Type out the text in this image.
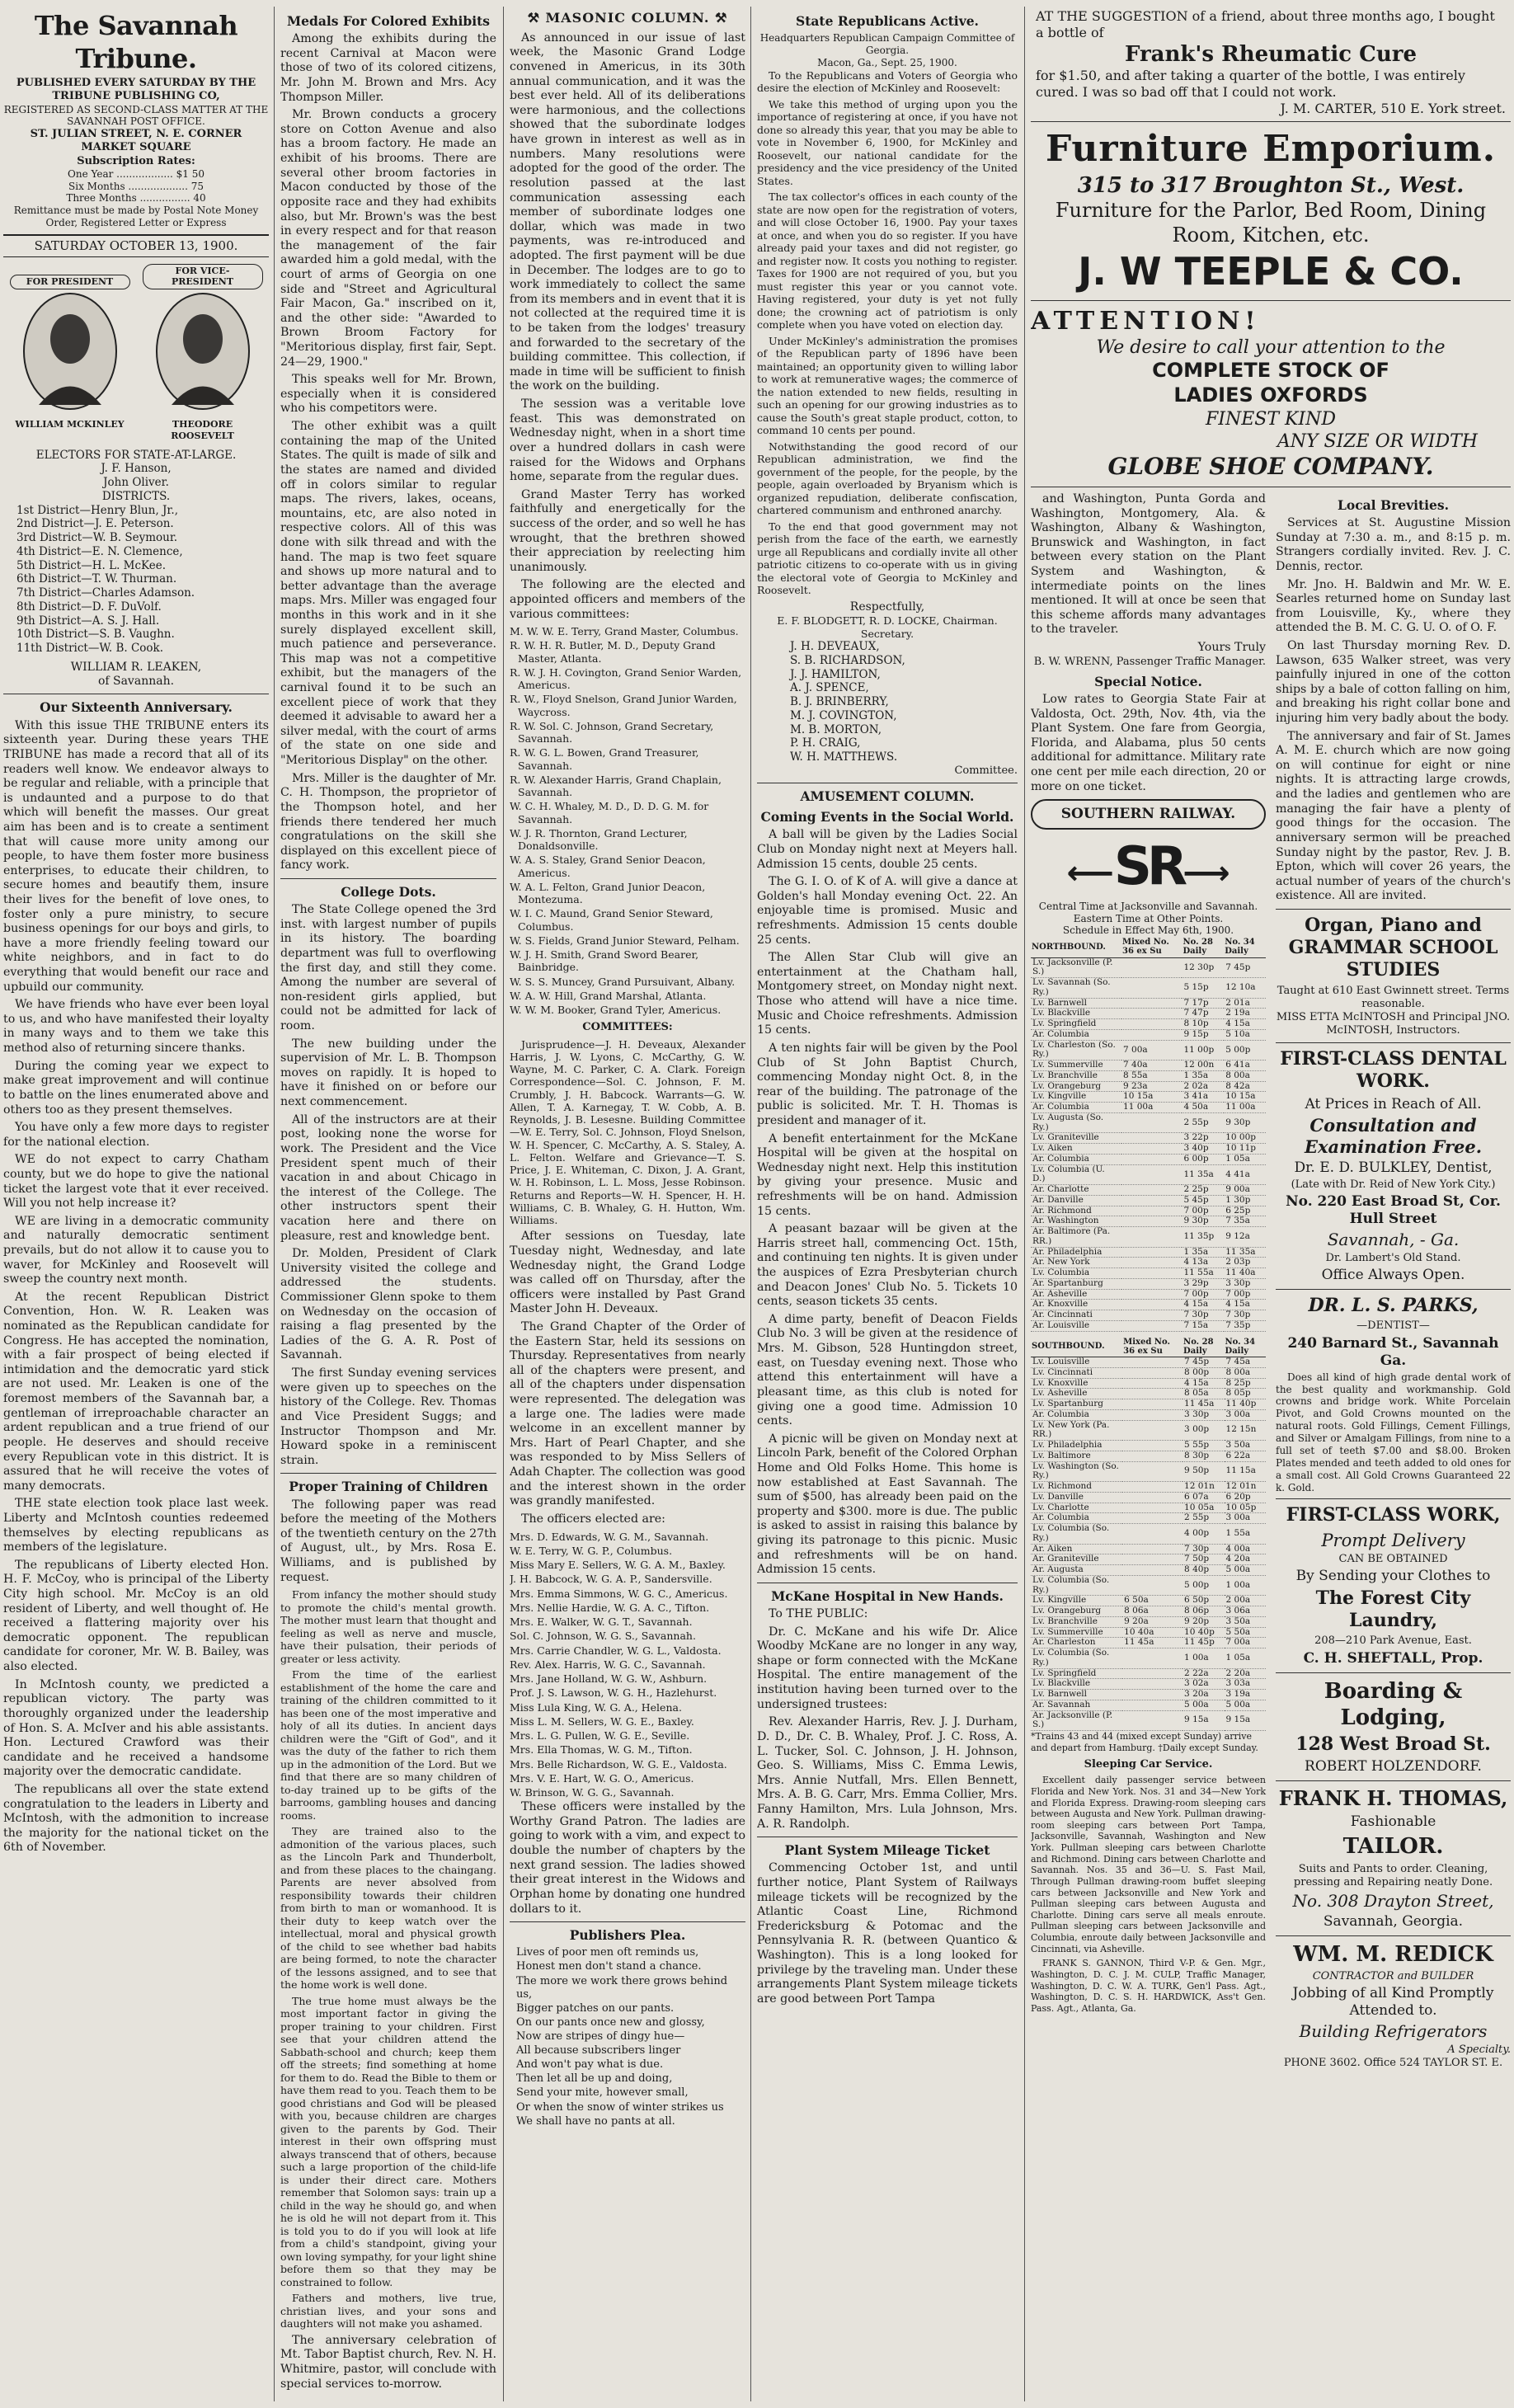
The Savannah Tribune.
PUBLISHED EVERY SATURDAY BY THE TRIBUNE PUBLISHING CO,
REGISTERED AS SECOND-CLASS MATTER AT THE SAVANNAH POST OFFICE.
ST. JULIAN STREET, N. E. CORNER MARKET SQUARE
Subscription Rates:
One Year .................. $1 50
Six Months ................... 75
Three Months ................ 40
Remittance must be made by Postal Note Money Order, Registered Letter or Express
SATURDAY OCTOBER 13, 1900.
FOR PRESIDENT
WILLIAM MCKINLEY
FOR VICE-PRESIDENT
THEODORE ROOSEVELT
ELECTORS FOR STATE-AT-LARGE.
J. F. Hanson,
John Oliver.
DISTRICTS.
1st District—Henry Blun, Jr.,
2nd District—J. E. Peterson.
3rd District—W. B. Seymour.
4th District—E. N. Clemence,
5th District—H. L. McKee.
6th District—T. W. Thurman.
7th District—Charles Adamson.
8th District—D. F. DuVolf.
9th District—A. S. J. Hall.
10th District—S. B. Vaughn.
11th District—W. B. Cook.
WILLIAM R. LEAKEN,
of Savannah.
Our Sixteenth Anniversary.

With this issue THE TRIBUNE enters its sixteenth year. During these years THE TRIBUNE has made a record that all of its readers well know. We endeavor always to be regular and reliable, with a principle that is undaunted and a purpose to do that which will benefit the masses. Our great aim has been and is to create a sentiment that will cause more unity among our people, to have them foster more business enterprises, to educate their children, to secure homes and beautify them, insure their lives for the benefit of love ones, to foster only a pure ministry, to secure business openings for our boys and girls, to have a more friendly feeling toward our white neighbors, and in fact to do everything that would benefit our race and upbuild our community.

We have friends who have ever been loyal to us, and who have manifested their loyalty in many ways and to them we take this method also of returning sincere thanks.

During the coming year we expect to make great improvement and will continue to battle on the lines enumerated above and others too as they present themselves.

You have only a few more days to register for the national election.

WE do not expect to carry Chatham county, but we do hope to give the national ticket the largest vote that it ever received. Will you not help increase it?

WE are living in a democratic community and naturally democratic sentiment prevails, but do not allow it to cause you to waver, for McKinley and Roosevelt will sweep the country next month.

At the recent Republican District Convention, Hon. W. R. Leaken was nominated as the Republican candidate for Congress. He has accepted the nomination, with a fair prospect of being elected if intimidation and the democratic yard stick are not used. Mr. Leaken is one of the foremost members of the Savannah bar, a gentleman of irreproachable character an ardent republican and a true friend of our people. He deserves and should receive every Republican vote in this district. It is assured that he will receive the votes of many democrats.

THE state election took place last week. Liberty and McIntosh counties redeemed themselves by electing republicans as members of the legislature.

The republicans of Liberty elected Hon. H. F. McCoy, who is principal of the Liberty City high school. Mr. McCoy is an old resident of Liberty, and well thought of. He received a flattering majority over his democratic opponent. The republican candidate for coroner, Mr. W. B. Bailey, was also elected.

In McIntosh county, we predicted a republican victory. The party was thoroughly organized under the leadership of Hon. S. A. McIver and his able assistants. Hon. Lectured Crawford was their candidate and he received a handsome majority over the democratic candidate.

The republicans all over the state extend congratulation to the leaders in Liberty and McIntosh, with the admonition to increase the majority for the national ticket on the 6th of November.

Medals For Colored Exhibits

Among the exhibits during the recent Carnival at Macon were those of two of its colored citizens, Mr. John M. Brown and Mrs. Acy Thompson Miller.

Mr. Brown conducts a grocery store on Cotton Avenue and also has a broom factory. He made an exhibit of his brooms. There are several other broom factories in Macon conducted by those of the opposite race and they had exhibits also, but Mr. Brown's was the best in every respect and for that reason the management of the fair awarded him a gold medal, with the court of arms of Georgia on one side and "Street and Agricultural Fair Macon, Ga." inscribed on it, and the other side: "Awarded to Brown Broom Factory for "Meritorious display, first fair, Sept. 24—29, 1900."

This speaks well for Mr. Brown, especially when it is considered who his competitors were.

The other exhibit was a quilt containing the map of the United States. The quilt is made of silk and the states are named and divided off in colors similar to regular maps. The rivers, lakes, oceans, mountains, etc, are also noted in respective colors. All of this was done with silk thread and with the hand. The map is two feet square and shows up more natural and to better advantage than the average maps. Mrs. Miller was engaged four months in this work and in it she surely displayed excellent skill, much patience and perseverance. This map was not a competitive exhibit, but the managers of the carnival found it to be such an excellent piece of work that they deemed it advisable to award her a silver medal, with the court of arms of the state on one side and "Meritorious Display" on the other.

Mrs. Miller is the daughter of Mr. C. H. Thompson, the proprietor of the Thompson hotel, and her friends there tendered her much congratulations on the skill she displayed on this excellent piece of fancy work.

College Dots.

The State College opened the 3rd inst. with largest number of pupils in its history. The boarding department was full to overflowing the first day, and still they come. Among the number are several of non-resident girls applied, but could not be admitted for lack of room.

The new building under the supervision of Mr. L. B. Thompson moves on rapidly. It is hoped to have it finished on or before our next commencement.

All of the instructors are at their post, looking none the worse for work. The President and the Vice President spent much of their vacation in and about Chicago in the interest of the College. The other instructors spent their vacation here and there on pleasure, rest and knowledge bent.

Dr. Molden, President of Clark University visited the college and addressed the students. Commissioner Glenn spoke to them on Wednesday on the occasion of raising a flag presented by the Ladies of the G. A. R. Post of Savannah.

The first Sunday evening services were given up to speeches on the history of the College. Rev. Thomas and Vice President Suggs; and Instructor Thompson and Mr. Howard spoke in a reminiscent strain.

Proper Training of Children

The following paper was read before the meeting of the Mothers of the twentieth century on the 27th of August, ult., by Mrs. Rosa E. Williams, and is published by request.

From infancy the mother should study to promote the child's mental growth. The mother must learn that thought and feeling as well as nerve and muscle, have their pulsation, their periods of greater or less activity.

From the time of the earliest establishment of the home the care and training of the children committed to it has been one of the most imperative and holy of all its duties. In ancient days children were the "Gift of God", and it was the duty of the father to rich them up in the admonition of the Lord. But we find that there are so many children of to-day trained up to be gifts of the barrooms, gambling houses and dancing rooms.

They are trained also to the admonition of the various places, such as the Lincoln Park and Thunderbolt, and from these places to the chaingang. Parents are never absolved from responsibility towards their children from birth to man or womanhood. It is their duty to keep watch over the intellectual, moral and physical growth of the child to see whether bad habits are being formed, to note the character of the lessons assigned, and to see that the home work is well done.

The true home must always be the most important factor in giving the proper training to your children. First see that your children attend the Sabbath-school and church; keep them off the streets; find something at home for them to do. Read the Bible to them or have them read to you. Teach them to be good christians and God will be pleased with you, because children are charges given to the parents by God. Their interest in their own offspring must always transcend that of others, because such a large proportion of the child-life is under their direct care. Mothers remember that Solomon says: train up a child in the way he should go, and when he is old he will not depart from it. This is told you to do if you will look at life from a child's standpoint, giving your own loving sympathy, for your light shine before them so that they may be constrained to follow.

Fathers and mothers, live true, christian lives, and your sons and daughters will not make you ashamed.

The anniversary celebration of Mt. Tabor Baptist church, Rev. N. H. Whitmire, pastor, will conclude with special services to-morrow.

⚒ MASONIC COLUMN. ⚒

As announced in our issue of last week, the Masonic Grand Lodge convened in Americus, in its 30th annual communication, and it was the best ever held. All of its deliberations were harmonious, and the collections showed that the subordinate lodges have grown in interest as well as in numbers. Many resolutions were adopted for the good of the order. The resolution passed at the last communication assessing each member of subordinate lodges one dollar, which was made in two payments, was re-introduced and adopted. The first payment will be due in December. The lodges are to go to work immediately to collect the same from its members and in event that it is not collected at the required time it is to be taken from the lodges' treasury and forwarded to the secretary of the building committee. This collection, if made in time will be sufficient to finish the work on the building.

The session was a veritable love feast. This was demonstrated on Wednesday night, when in a short time over a hundred dollars in cash were raised for the Widows and Orphans home, separate from the regular dues.

Grand Master Terry has worked faithfully and energetically for the success of the order, and so well he has wrought, that the brethren showed their appreciation by reelecting him unanimously.

The following are the elected and appointed officers and members of the various committees:

M. W. W. E. Terry, Grand Master, Columbus.
R. W. H. R. Butler, M. D., Deputy Grand Master, Atlanta.
R. W. J. H. Covington, Grand Senior Warden, Americus.
R. W., Floyd Snelson, Grand Junior Warden, Waycross.
R. W. Sol. C. Johnson, Grand Secretary, Savannah.
R. W. G. L. Bowen, Grand Treasurer, Savannah.
R. W. Alexander Harris, Grand Chaplain, Savannah.
W. C. H. Whaley, M. D., D. D. G. M. for Savannah.
W. J. R. Thornton, Grand Lecturer, Donaldsonville.
W. A. S. Staley, Grand Senior Deacon, Americus.
W. A. L. Felton, Grand Junior Deacon, Montezuma.
W. I. C. Maund, Grand Senior Steward, Columbus.
W. S. Fields, Grand Junior Steward, Pelham.
W. J. H. Smith, Grand Sword Bearer, Bainbridge.
W. S. S. Muncey, Grand Pursuivant, Albany.
W. A. W. Hill, Grand Marshal, Atlanta.
W. W. M. Booker, Grand Tyler, Americus.
COMMITTEES:

Jurisprudence—J. H. Deveaux, Alexander Harris, J. W. Lyons, C. McCarthy, G. W. Wayne, M. C. Parker, C. A. Clark. Foreign Correspondence—Sol. C. Johnson, F. M. Crumbly, J. H. Babcock. Warrants—G. W. Allen, T. A. Karnegay, T. W. Cobb, A. B. Reynolds, J. B. Lesesne. Building Committee—W. E. Terry, Sol. C. Johnson, Floyd Snelson, W. H. Spencer, C. McCarthy, A. S. Staley, A. L. Felton. Welfare and Grievance—T. S. Price, J. E. Whiteman, C. Dixon, J. A. Grant, W. H. Robinson, L. L. Moss, Jesse Robinson. Returns and Reports—W. H. Spencer, H. H. Williams, C. B. Whaley, G. H. Hutton, Wm. Williams.

After sessions on Tuesday, late Tuesday night, Wednesday, and late Wednesday night, the Grand Lodge was called off on Thursday, after the officers were installed by Past Grand Master John H. Deveaux.

The Grand Chapter of the Order of the Eastern Star, held its sessions on Thursday. Representatives from nearly all of the chapters were present, and all of the chapters under dispensation were represented. The delegation was a large one. The ladies were made welcome in an excellent manner by Mrs. Hart of Pearl Chapter, and she was responded to by Miss Sellers of Adah Chapter. The collection was good and the interest shown in the order was grandly manifested.

The officers elected are:

Mrs. D. Edwards, W. G. M., Savannah.
W. E. Terry, W. G. P., Columbus.
Miss Mary E. Sellers, W. G. A. M., Baxley.
J. H. Babcock, W. G. A. P., Sandersville.
Mrs. Emma Simmons, W. G. C., Americus.
Mrs. Nellie Hardie, W. G. A. C., Tifton.
Mrs. E. Walker, W. G. T., Savannah.
Sol. C. Johnson, W. G. S., Savannah.
Mrs. Carrie Chandler, W. G. L., Valdosta.
Rev. Alex. Harris, W. G. C., Savannah.
Mrs. Jane Holland, W. G. W., Ashburn.
Prof. J. S. Lawson, W. G. H., Hazlehurst.
Miss Lula King, W. G. A., Helena.
Miss L. M. Sellers, W. G. E., Baxley.
Mrs. L. G. Pullen, W. G. E., Seville.
Mrs. Ella Thomas, W. G. M., Tifton.
Mrs. Belle Richardson, W. G. E., Valdosta.
Mrs. V. E. Hart, W. G. O., Americus.
W. Brinson, W. G. G., Savannah.

These officers were installed by the Worthy Grand Patron. The ladies are going to work with a vim, and expect to double the number of chapters by the next grand session. The ladies showed their great interest in the Widows and Orphan home by donating one hundred dollars to it.

Publishers Plea.
Lives of poor men oft reminds us,
Honest men don't stand a chance.
The more we work there grows behind us,
Bigger patches on our pants.
On our pants once new and glossy,
Now are stripes of dingy hue—
All because subscribers linger
And won't pay what is due.
Then let all be up and doing,
Send your mite, however small,
Or when the snow of winter strikes us
We shall have no pants at all.
State Republicans Active.
Headquarters Republican Campaign Committee of Georgia.
Macon, Ga., Sept. 25, 1900.

To the Republicans and Voters of Georgia who desire the election of McKinley and Roosevelt:

We take this method of urging upon you the importance of registering at once, if you have not done so already this year, that you may be able to vote in November 6, 1900, for McKinley and Roosevelt, our national candidate for the presidency and the vice presidency of the United States.

The tax collector's offices in each county of the state are now open for the registration of voters, and will close October 16, 1900. Pay your taxes at once, and when you do so register. If you have already paid your taxes and did not register, go and register now. It costs you nothing to register. Taxes for 1900 are not required of you, but you must register this year or you cannot vote. Having registered, your duty is yet not fully done; the crowning act of patriotism is only complete when you have voted on election day.

Under McKinley's administration the promises of the Republican party of 1896 have been maintained; an opportunity given to willing labor to work at remunerative wages; the commerce of the nation extended to new fields, resulting in such an opening for our growing industries as to cause the South's great staple product, cotton, to command 10 cents per pound.

Notwithstanding the good record of our Republican administration, we find the government of the people, for the people, by the people, again overloaded by Bryanism which is organized repudiation, deliberate confiscation, chartered communism and enthroned anarchy.

To the end that good government may not perish from the face of the earth, we earnestly urge all Republicans and cordially invite all other patriotic citizens to co-operate with us in giving the electoral vote of Georgia to McKinley and Roosevelt.

Respectfully,
E. F. BLODGETT, R. D. LOCKE, Chairman. Secretary.
J. H. DEVEAUX,
S. B. RICHARDSON,
J. J. HAMILTON,
A. J. SPENCE,
B. J. BRINBERRY,
M. J. COVINGTON,
M. B. MORTON,
P. H. CRAIG,
W. H. MATTHEWS.
Committee.
AMUSEMENT COLUMN.
Coming Events in the Social World.

A ball will be given by the Ladies Social Club on Monday night next at Meyers hall. Admission 15 cents, double 25 cents.

The G. I. O. of K of A. will give a dance at Golden's hall Monday evening Oct. 22. An enjoyable time is promised. Music and refreshments. Admission 15 cents double 25 cents.

The Allen Star Club will give an entertainment at the Chatham hall, Montgomery street, on Monday night next. Those who attend will have a nice time. Music and Choice refreshments. Admission 15 cents.

A ten nights fair will be given by the Pool Club of St John Baptist Church, commencing Monday night Oct. 8, in the rear of the building. The patronage of the public is solicited. Mr. T. H. Thomas is president and manager of it.

A benefit entertainment for the McKane Hospital will be given at the hospital on Wednesday night next. Help this institution by giving your presence. Music and refreshments will be on hand. Admission 15 cents.

A peasant bazaar will be given at the Harris street hall, commencing Oct. 15th, and continuing ten nights. It is given under the auspices of Ezra Presbyterian church and Deacon Jones' Club No. 5. Tickets 10 cents, season tickets 35 cents.

A dime party, benefit of Deacon Fields Club No. 3 will be given at the residence of Mrs. M. Gibson, 528 Huntingdon street, east, on Tuesday evening next. Those who attend this entertainment will have a pleasant time, as this club is noted for giving one a good time. Admission 10 cents.

A picnic will be given on Monday next at Lincoln Park, benefit of the Colored Orphan Home and Old Folks Home. This home is now established at East Savannah. The sum of $500, has already been paid on the property and $300. more is due. The public is asked to assist in raising this balance by giving its patronage to this picnic. Music and refreshments will be on hand. Admission 15 cents.

McKane Hospital in New Hands.

To THE PUBLIC:

Dr. C. McKane and his wife Dr. Alice Woodby McKane are no longer in any way, shape or form connected with the McKane Hospital. The entire management of the institution having been turned over to the undersigned trustees:

Rev. Alexander Harris, Rev. J. J. Durham, D. D., Dr. C. B. Whaley, Prof. J. C. Ross, A. L. Tucker, Sol. C. Johnson, J. H. Johnson, Geo. S. Williams, Miss C. Emma Lewis, Mrs. Annie Nutfall, Mrs. Ellen Bennett, Mrs. A. B. G. Carr, Mrs. Emma Collier, Mrs. Fanny Hamilton, Mrs. Lula Johnson, Mrs. A. R. Randolph.

Plant System Mileage Ticket

Commencing October 1st, and until further notice, Plant System of Railways mileage tickets will be recognized by the Atlantic Coast Line, Richmond Fredericksburg & Potomac and the Pennsylvania R. R. (between Quantico & Washington). This is a long looked for privilege by the traveling man. Under these arrangements Plant System mileage tickets are good between Port Tampa

AT THE SUGGESTION of a friend, about three months ago, I bought a bottle of
Frank's Rheumatic Cure
for $1.50, and after taking a quarter of the bottle, I was entirely cured. I was so bad off that I could not work.
J. M. CARTER, 510 E. York street.
Furniture Emporium.
315 to 317 Broughton St., West.
Furniture for the Parlor, Bed Room, Dining Room, Kitchen, etc.
J. W TEEPLE & CO.
ATTENTION!
We desire to call your attention to the
COMPLETE STOCK OF
LADIES OXFORDS
FINEST KIND
ANY SIZE OR WIDTH
GLOBE SHOE COMPANY.

and Washington, Punta Gorda and Washington, Montgomery, Ala. & Washington, Albany & Washington, Brunswick and Washington, in fact between every station on the Plant System and Washington, & intermediate points on the lines mentioned. It will at once be seen that this scheme affords many advantages to the traveler.

Yours Truly
B. W. WRENN, Passenger Traffic Manager.
Special Notice.

Low rates to Georgia State Fair at Valdosta, Oct. 29th, Nov. 4th, via the Plant System. One fare from Georgia, Florida, and Alabama, plus 50 cents additional for admittance. Military rate one cent per mile each direction, 20 or more on one ticket.

SOUTHERN RAILWAY.
⟵SR⟶
Central Time at Jacksonville and Savannah. Eastern Time at Other Points.
Schedule in Effect May 6th, 1900.
NORTHBOUND.	Mixed No. 36 ex Su	No. 28 Daily	No. 34 Daily
Lv. Jacksonville (P. S.)		12 30p	7 45p
Lv. Savannah (So. Ry.)		5 15p	12 10a
Lv. Barnwell		7 17p	2 01a
Lv. Blackville		7 47p	2 19a
Lv. Springfield		8 10p	4 15a
Ar. Columbia		9 15p	5 10a
Lv. Charleston (So. Ry.)	7 00a	11 00p	5 00p
Lv. Summerville	7 40a	12 00n	6 41a
Lv. Branchville	8 55a	1 35a	8 00a
Lv. Orangeburg	9 23a	2 02a	8 42a
Lv. Kingville	10 15a	3 41a	10 15a
Ar. Columbia	11 00a	4 50a	11 00a
Lv. Augusta (So. Ry.)		2 55p	9 30p
Lv. Graniteville		3 22p	10 00p
Lv. Aiken		3 40p	10 11p
Ar. Columbia		6 00p	1 05a
Lv. Columbia (U. D.)		11 35a	4 41a
Ar. Charlotte		2 25p	9 00a
Ar. Danville		5 45p	1 30p
Ar. Richmond		7 00p	6 25p
Ar. Washington		9 30p	7 35a
Ar. Baltimore (Pa. RR.)		11 35p	9 12a
Ar. Philadelphia		1 35a	11 35a
Ar. New York		4 13a	2 03p
Lv. Columbia		11 55a	11 40a
Ar. Spartanburg		3 29p	3 30p
Ar. Asheville		7 00p	7 00p
Ar. Knoxville		4 15a	4 15a
Ar. Cincinnati		7 30p	7 30p
Ar. Louisville		7 15a	7 35p
SOUTHBOUND.	Mixed No. 36 ex Su	No. 28 Daily	No. 34 Daily
Lv. Louisville		7 45p	7 45a
Lv. Cincinnati		8 00p	8 00a
Lv. Knoxville		4 15a	8 25p
Lv. Asheville		8 05a	8 05p
Lv. Spartanburg		11 45a	11 40p
Ar. Columbia		3 30p	3 00a
Lv. New York (Pa. RR.)		3 00p	12 15n
Lv. Philadelphia		5 55p	3 50a
Lv. Baltimore		8 30p	6 22a
Lv. Washington (So. Ry.)		9 50p	11 15a
Lv. Richmond		12 01n	12 01n
Lv. Danville		6 07a	6 20p
Lv. Charlotte		10 05a	10 05p
Ar. Columbia		2 55p	3 00a
Lv. Columbia (So. Ry.)		4 00p	1 55a
Ar. Aiken		7 30p	4 00a
Ar. Graniteville		7 50p	4 20a
Ar. Augusta		8 40p	5 00a
Lv. Columbia (So. Ry.)		5 00p	1 00a
Lv. Kingville	6 50a	6 50p	2 00a
Lv. Orangeburg	8 06a	8 06p	3 06a
Lv. Branchville	9 20a	9 20p	3 50a
Lv. Summerville	10 40a	10 40p	5 50a
Ar. Charleston	11 45a	11 45p	7 00a
Lv. Columbia (So. Ry.)		1 00a	1 05a
Lv. Springfield		2 22a	2 20a
Lv. Blackville		3 02a	3 03a
Lv. Barnwell		3 20a	3 19a
Ar. Savannah		5 00a	5 00a
Ar. Jacksonville (P. S.)		9 15a	9 15a
*Trains 43 and 44 (mixed except Sunday) arrive and depart from Hamburg. †Daily except Sunday.
Sleeping Car Service.

Excellent daily passenger service between Florida and New York. Nos. 31 and 34—New York and Florida Express. Drawing-room sleeping cars between Augusta and New York. Pullman drawing-room sleeping cars between Port Tampa, Jacksonville, Savannah, Washington and New York. Pullman sleeping cars between Charlotte and Richmond. Dining cars between Charlotte and Savannah. Nos. 35 and 36—U. S. Fast Mail, Through Pullman drawing-room buffet sleeping cars between Jacksonville and New York and Pullman sleeping cars between Augusta and Charlotte. Dining cars serve all meals enroute. Pullman sleeping cars between Jacksonville and Columbia, enroute daily between Jacksonville and Cincinnati, via Asheville.

FRANK S. GANNON, Third V-P. & Gen. Mgr., Washington, D. C. J. M. CULP, Traffic Manager, Washington, D. C. W. A. TURK, Gen'l Pass. Agt., Washington, D. C. S. H. HARDWICK, Ass't Gen. Pass. Agt., Atlanta, Ga.

Local Brevities.

Services at St. Augustine Mission Sunday at 7:30 a. m., and 8:15 p. m. Strangers cordially invited. Rev. J. C. Dennis, rector.

Mr. Jno. H. Baldwin and Mr. W. E. Searles returned home on Sunday last from Louisville, Ky., where they attended the B. M. C. G. U. O. of O. F.

On last Thursday morning Rev. D. Lawson, 635 Walker street, was very painfully injured in one of the cotton ships by a bale of cotton falling on him, and breaking his right collar bone and injuring him very badly about the body.

The anniversary and fair of St. James A. M. E. church which are now going on will continue for eight or nine nights. It is attracting large crowds, and the ladies and gentlemen who are managing the fair have a plenty of good things for the occasion. The anniversary sermon will be preached Sunday night by the pastor, Rev. J. B. Epton, which will cover 26 years, the actual number of years of the church's existence. All are invited.

Organ, Piano and GRAMMAR SCHOOL STUDIES
Taught at 610 East Gwinnett street. Terms reasonable.
MISS ETTA McINTOSH and Principal JNO. McINTOSH, Instructors.
FIRST-CLASS DENTAL WORK.
At Prices in Reach of All.
Consultation and Examination Free.
Dr. E. D. BULKLEY, Dentist,
(Late with Dr. Reid of New York City.)
No. 220 East Broad St, Cor. Hull Street
Savannah, - Ga.
Dr. Lambert's Old Stand.
Office Always Open.
DR. L. S. PARKS,
—DENTIST—
240 Barnard St., Savannah Ga.

Does all kind of high grade dental work of the best quality and workmanship. Gold crowns and bridge work. White Porcelain Pivot, and Gold Crowns mounted on the natural roots. Gold Fillings, Cement Fillings, and Silver or Amalgam Fillings, from nine to a full set of teeth $7.00 and $8.00. Broken Plates mended and teeth added to old ones for a small cost. All Gold Crowns Guaranteed 22 k. Gold.

FIRST-CLASS WORK,
Prompt Delivery
CAN BE OBTAINED
By Sending your Clothes to
The Forest City Laundry,
208—210 Park Avenue, East.
C. H. SHEFTALL, Prop.
Boarding & Lodging,
128 West Broad St.
ROBERT HOLZENDORF.
FRANK H. THOMAS,
Fashionable
TAILOR.
Suits and Pants to order. Cleaning, pressing and Repairing neatly Done.
No. 308 Drayton Street,
Savannah, Georgia.
WM. M. REDICK
CONTRACTOR and BUILDER
Jobbing of all Kind Promptly Attended to.
Building Refrigerators
A Specialty.
PHONE 3602. Office 524 TAYLOR ST. E.
